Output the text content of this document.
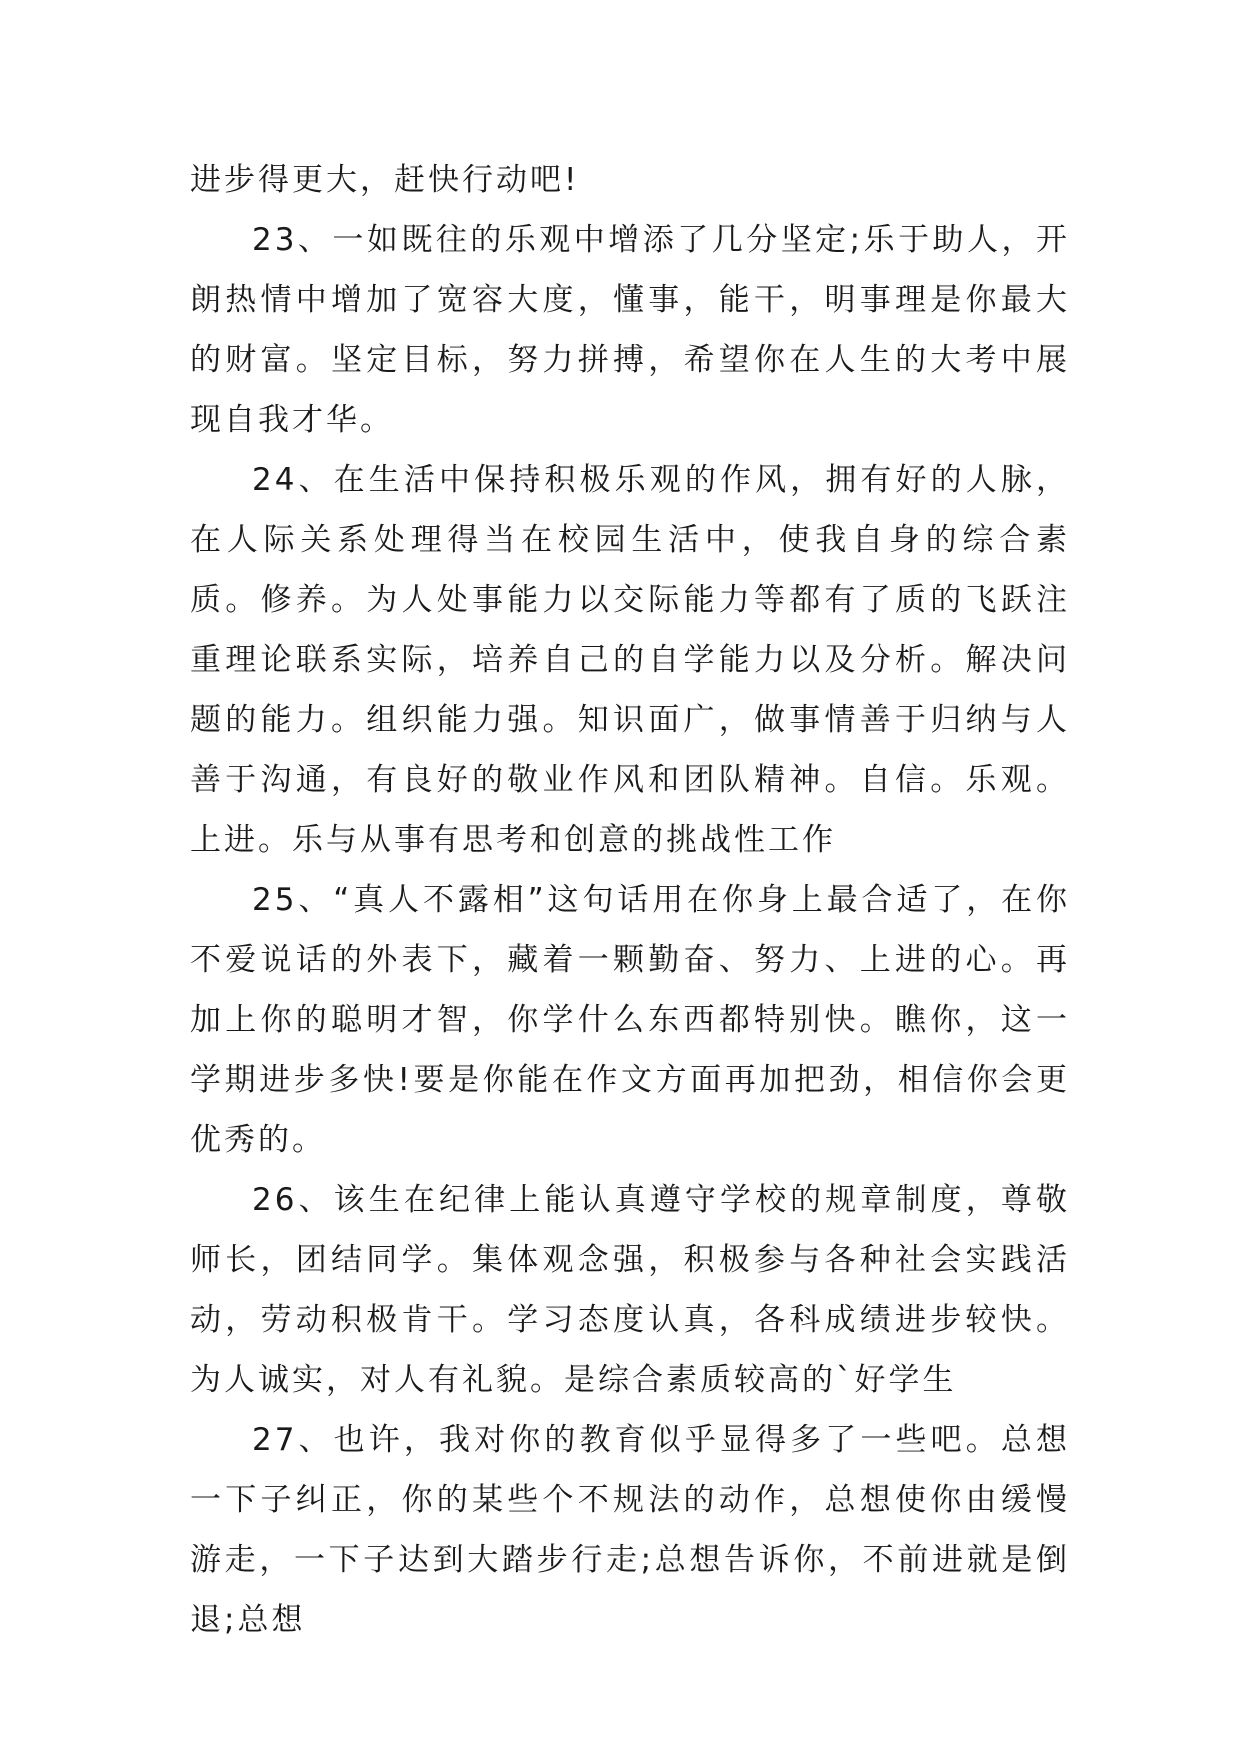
进步得更大，赶快行动吧!

23、一如既往的乐观中增添了几分坚定;乐于助人，开朗热情中增加了宽容大度，懂事，能干，明事理是你最大的财富。坚定目标，努力拼搏，希望你在人生的大考中展现自我才华。

24、在生活中保持积极乐观的作风，拥有好的人脉，在人际关系处理得当在校园生活中，使我自身的综合素质。修养。为人处事能力以交际能力等都有了质的飞跃注重理论联系实际，培养自己的自学能力以及分析。解决问题的能力。组织能力强。知识面广，做事情善于归纳与人善于沟通，有良好的敬业作风和团队精神。自信。乐观。上进。乐与从事有思考和创意的挑战性工作

25、“真人不露相”这句话用在你身上最合适了，在你不爱说话的外表下，藏着一颗勤奋、努力、上进的心。再加上你的聪明才智，你学什么东西都特别快。瞧你，这一学期进步多快!要是你能在作文方面再加把劲，相信你会更优秀的。

26、该生在纪律上能认真遵守学校的规章制度，尊敬师长，团结同学。集体观念强，积极参与各种社会实践活动，劳动积极肯干。学习态度认真，各科成绩进步较快。为人诚实，对人有礼貌。是综合素质较高的`好学生

27、也许，我对你的教育似乎显得多了一些吧。总想一下子纠正，你的某些个不规法的动作，总想使你由缓慢游走，一下子达到大踏步行走;总想告诉你，不前进就是倒退;总想
